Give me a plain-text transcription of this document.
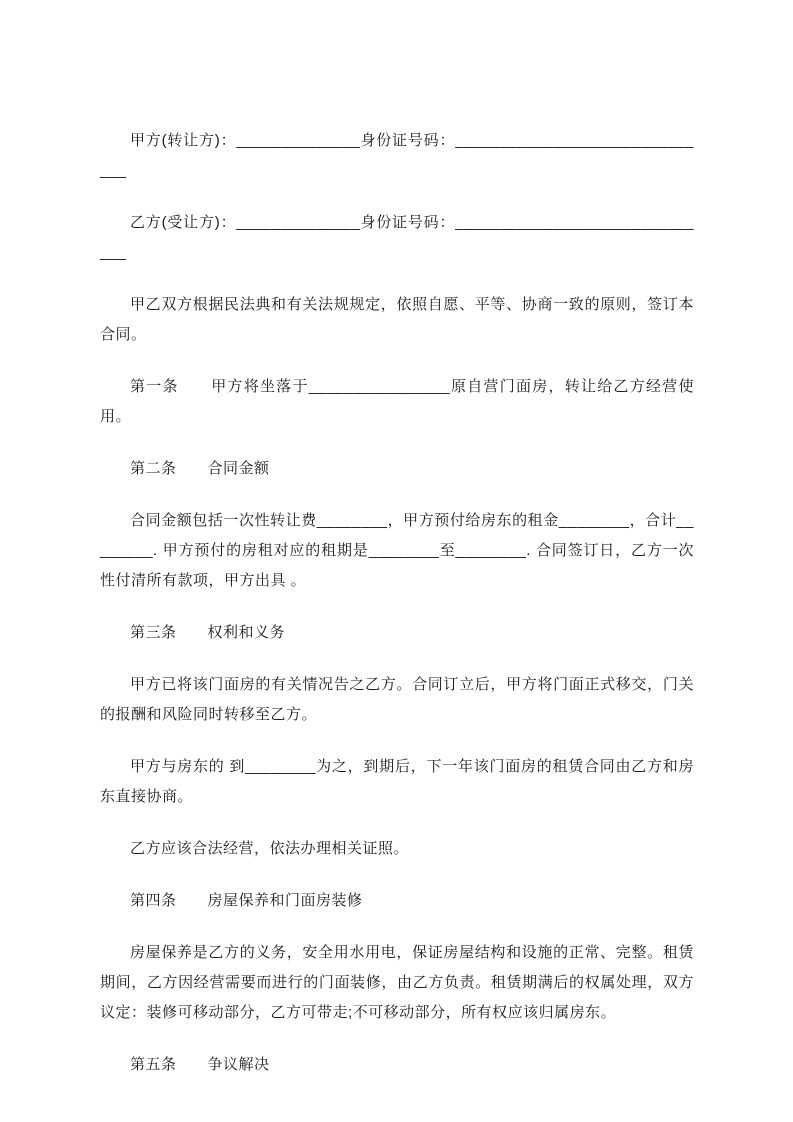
甲方(转让方)：______________身份证号码：______________________________

乙方(受让方)：______________身份证号码：______________________________

甲乙双方根据民法典和有关法规规定，依照自愿、平等、协商一致的原则，签订本合同。

第一条　　甲方将坐落于________________原自营门面房，转让给乙方经营使用。

第二条　　合同金额

合同金额包括一次性转让费________，甲方预付给房东的租金________，合计________. 甲方预付的房租对应的租期是________至________. 合同签订日，乙方一次性付清所有款项，甲方出具 。

第三条　　权利和义务

甲方已将该门面房的有关情况告之乙方。合同订立后，甲方将门面正式移交，门关的报酬和风险同时转移至乙方。

甲方与房东的 到________为之，到期后，下一年该门面房的租赁合同由乙方和房东直接协商。

乙方应该合法经营，依法办理相关证照。

第四条　　房屋保养和门面房装修

房屋保养是乙方的义务，安全用水用电，保证房屋结构和设施的正常、完整。租赁期间，乙方因经营需要而进行的门面装修，由乙方负责。租赁期满后的权属处理，双方议定：装修可移动部分，乙方可带走;不可移动部分，所有权应该归属房东。

第五条　　争议解决
